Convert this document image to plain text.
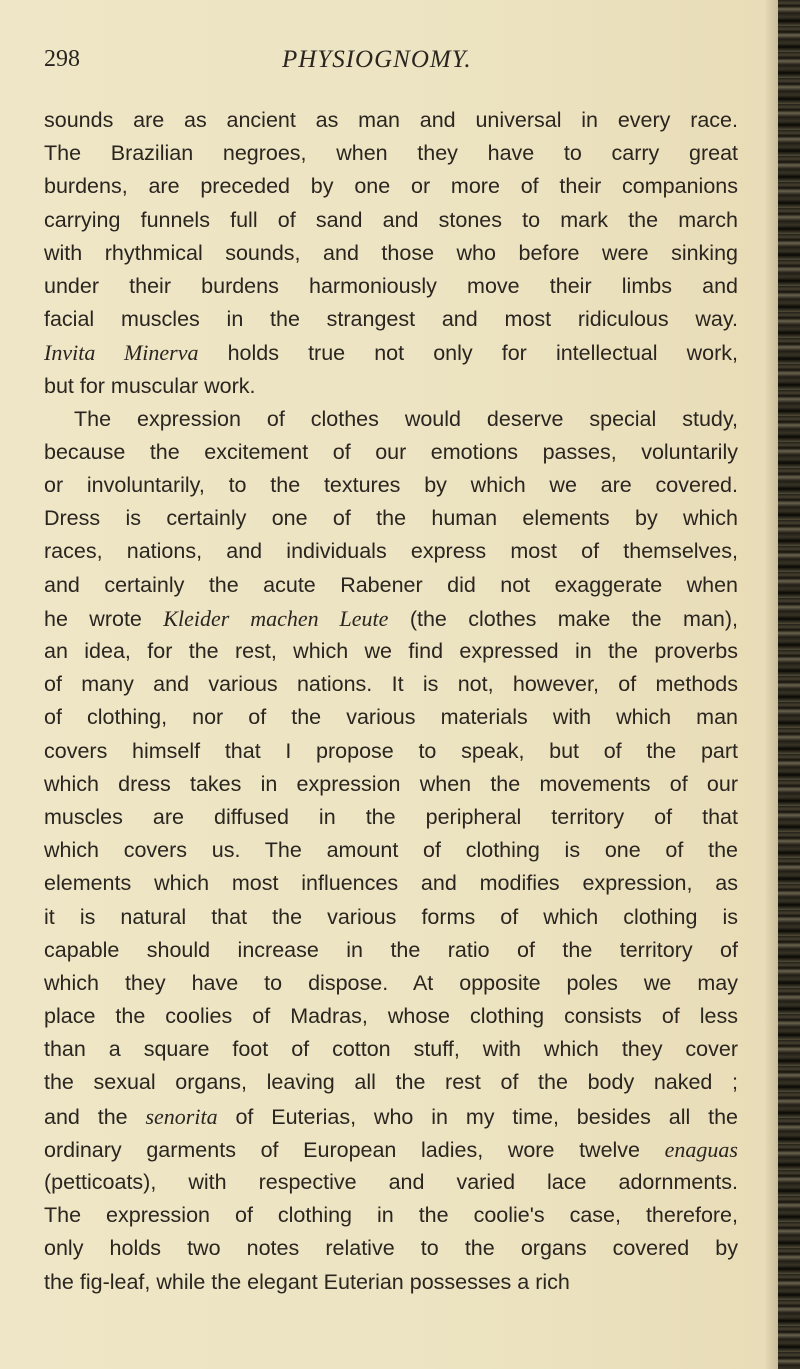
298	PHYSIOGNOMY.
sounds are as ancient as man and universal in every race.
The Brazilian negroes, when they have to carry great
burdens, are preceded by one or more of their companions
carrying funnels full of sand and stones to mark the march
with rhythmical sounds, and those who before were sinking
under their burdens harmoniously move their limbs and
facial muscles in the strangest and most ridiculous way.
Invita Minerva holds true not only for intellectual work,
but for muscular work.
The expression of clothes would deserve special study,
because the excitement of our emotions passes, voluntarily
or involuntarily, to the textures by which we are covered.
Dress is certainly one of the human elements by which
races, nations, and individuals express most of themselves,
and certainly the acute Rabener did not exaggerate when
he wrote Kleider machen Leute (the clothes make the man),
an idea, for the rest, which we find expressed in the proverbs
of many and various nations. It is not, however, of methods
of clothing, nor of the various materials with which man
covers himself that I propose to speak, but of the part
which dress takes in expression when the movements of our
muscles are diffused in the peripheral territory of that
which covers us. The amount of clothing is one of the
elements which most influences and modifies expression, as
it is natural that the various forms of which clothing is
capable should increase in the ratio of the territory of
which they have to dispose. At opposite poles we may
place the coolies of Madras, whose clothing consists of less
than a square foot of cotton stuff, with which they cover
the sexual organs, leaving all the rest of the body naked ;
and the senorita of Euterias, who in my time, besides all the
ordinary garments of European ladies, wore twelve enaguas
(petticoats), with respective and varied lace adornments.
The expression of clothing in the coolie's case, therefore,
only holds two notes relative to the organs covered by
the fig-leaf, while the elegant Euterian possesses a rich
